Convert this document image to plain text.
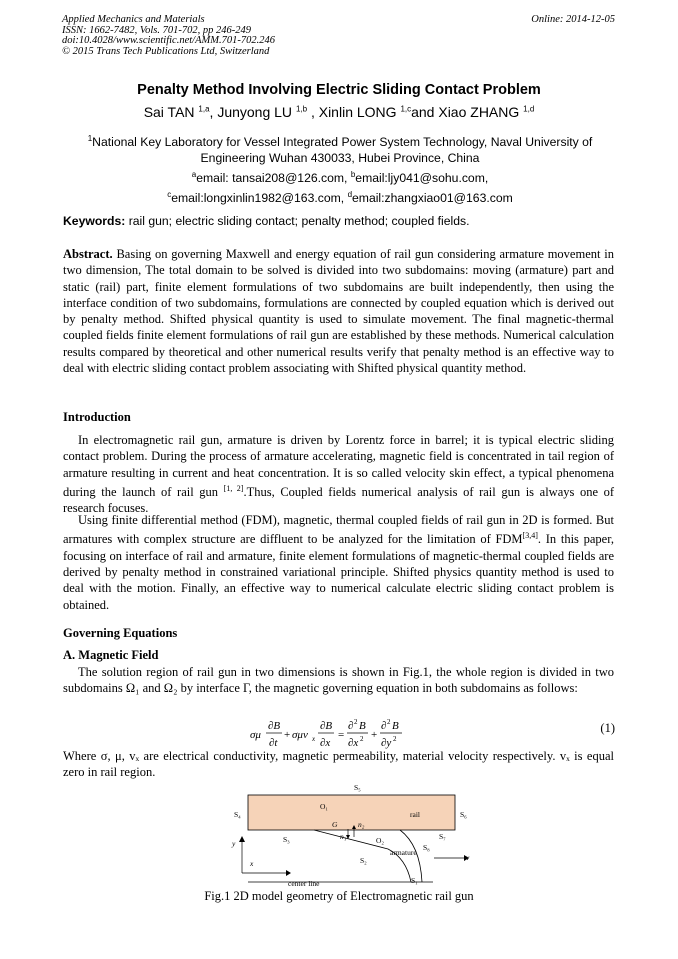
Applied Mechanics and Materials
ISSN: 1662-7482, Vols. 701-702, pp 246-249
doi:10.4028/www.scientific.net/AMM.701-702.246
© 2015 Trans Tech Publications Ltd, Switzerland
Online: 2014-12-05
Penalty Method Involving Electric Sliding Contact Problem
Sai TAN $^{1,a}$, Junyong LU $^{1,b}$ , Xinlin LONG $^{1,c}$and Xiao ZHANG $^{1,d}$
$^1$National Key Laboratory for Vessel Integrated Power System Technology, Naval University of Engineering Wuhan 430033, Hubei Province, China
$^a$email: tansai208@126.com, $^b$email:ljy041@sohu.com,
$^c$email:longxinlin1982@163.com, $^d$email:zhangxiao01@163.com
Keywords: rail gun; electric sliding contact; penalty method; coupled fields.
Abstract. Basing on governing Maxwell and energy equation of rail gun considering armature movement in two dimension, The total domain to be solved is divided into two subdomains: moving (armature) part and static (rail) part, finite element formulations of two subdomains are built independently, then using the interface condition of two subdomains, formulations are connected by coupled equation which is derived out by penalty method. Shifted physical quantity is used to simulate movement. The final magnetic-thermal coupled fields finite element formulations of rail gun are established by these methods. Numerical calculation results compared by theoretical and other numerical results verify that penalty method is an effective way to deal with electric sliding contact problem associating with Shifted physical quantity method.
Introduction
In electromagnetic rail gun, armature is driven by Lorentz force in barrel; it is typical electric sliding contact problem. During the process of armature accelerating, magnetic field is concentrated in tail region of armature resulting in current and heat concentration. It is so called velocity skin effect, a typical phenomena during the launch of rail gun [1, 2].Thus, Coupled fields numerical analysis of rail gun is always one of research focuses.
Using finite differential method (FDM), magnetic, thermal coupled fields of rail gun in 2D is formed. But armatures with complex structure are diffluent to be analyzed for the limitation of FDM[3,4]. In this paper, focusing on interface of rail and armature, finite element formulations of magnetic-thermal coupled fields are derived by penalty method in constrained variational principle. Shifted physics quantity method is used to deal with the motion. Finally, an effective way to numerical calculate electric sliding contact problem is obtained.
Governing Equations
A. Magnetic Field
The solution region of rail gun in two dimensions is shown in Fig.1, the whole region is divided in two subdomains Ω₁ and Ω₂ by interface Γ, the magnetic governing equation in both subdomains as follows:
σμ
∂B
∂t
+ σμv x
∂B
∂x
=
∂ 2 B
∂x 2 +
∂ 2 B
∂y 2
(1)
Where σ, μ, vₓ are electrical conductivity, magnetic permeability, material velocity respectively. vₓ is equal zero in rail region.
S₅
S₄	S₆
O₁
rail
G
S₃	n₁
n₂
O₂	S₇
S₈
armature
y
x	S₂	v
S₁
center line
Fig.1 2D model geometry of Electromagnetic rail gun
